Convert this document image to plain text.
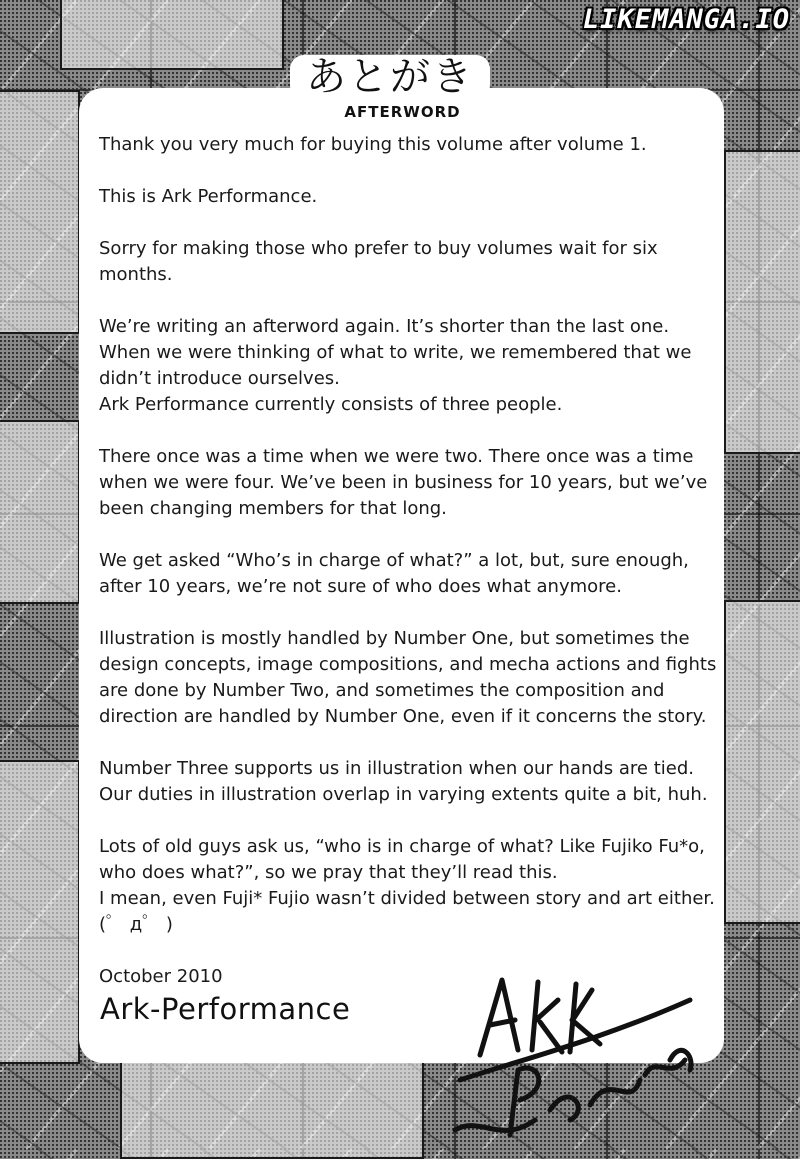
LIKEMANGA.IO
あとがき
AFTERWORD

Thank you very much for buying this volume after volume 1.

This is Ark Performance.

Sorry for making those who prefer to buy volumes wait for six
months.

We’re writing an afterword again. It’s shorter than the last one.
When we were thinking of what to write, we remembered that we
didn’t introduce ourselves.
Ark Performance currently consists of three people.

There once was a time when we were two. There once was a time
when we were four. We’ve been in business for 10 years, but we’ve
been changing members for that long.

We get asked “Who’s in charge of what?” a lot, but, sure enough,
after 10 years, we’re not sure of who does what anymore.

Illustration is mostly handled by Number One, but sometimes the
design concepts, image compositions, and mecha actions and fights
are done by Number Two, and sometimes the composition and
direction are handled by Number One, even if it concerns the story.

Number Three supports us in illustration when our hands are tied.
Our duties in illustration overlap in varying extents quite a bit, huh.

Lots of old guys ask us, “who is in charge of what? Like Fujiko Fu*o,
who does what?”, so we pray that they’ll read this.
I mean, even Fuji* Fujio wasn’t divided between story and art either.
(゜ д゜ )

October 2010
Ark-Performance
